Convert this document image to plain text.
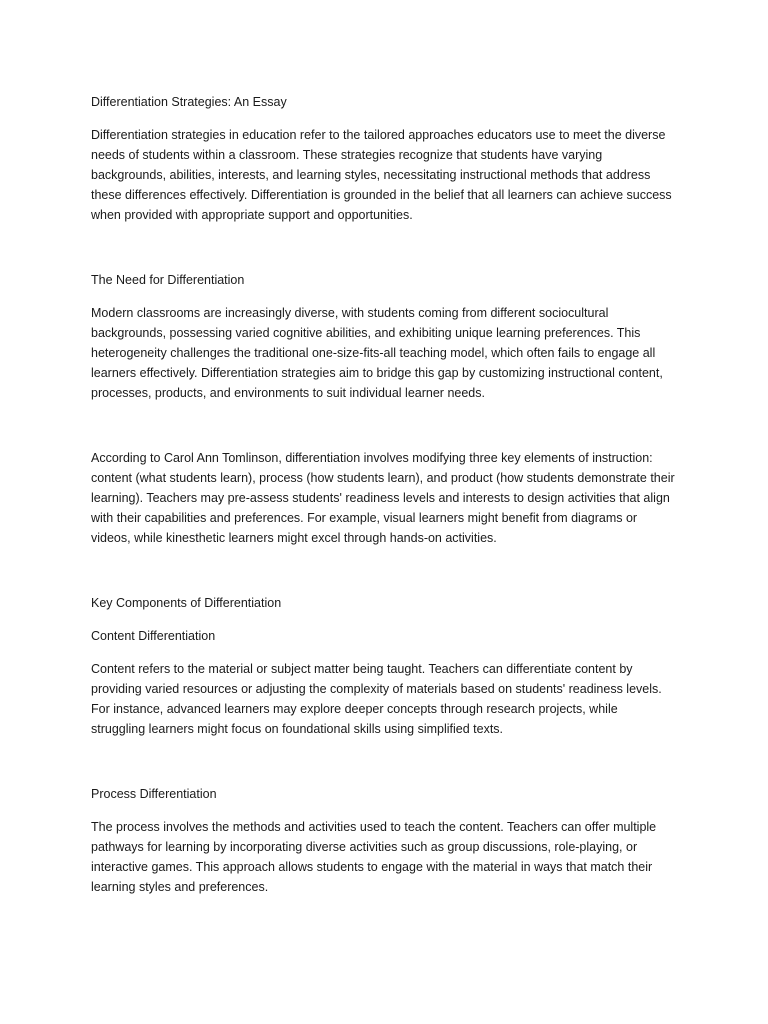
Differentiation Strategies: An Essay

Differentiation strategies in education refer to the tailored approaches educators use to meet the diverse needs of students within a classroom. These strategies recognize that students have varying backgrounds, abilities, interests, and learning styles, necessitating instructional methods that address these differences effectively. Differentiation is grounded in the belief that all learners can achieve success when provided with appropriate support and opportunities.

The Need for Differentiation

Modern classrooms are increasingly diverse, with students coming from different sociocultural backgrounds, possessing varied cognitive abilities, and exhibiting unique learning preferences. This heterogeneity challenges the traditional one-size-fits-all teaching model, which often fails to engage all learners effectively. Differentiation strategies aim to bridge this gap by customizing instructional content, processes, products, and environments to suit individual learner needs.

According to Carol Ann Tomlinson, differentiation involves modifying three key elements of instruction: content (what students learn), process (how students learn), and product (how students demonstrate their learning). Teachers may pre-assess students' readiness levels and interests to design activities that align with their capabilities and preferences. For example, visual learners might benefit from diagrams or videos, while kinesthetic learners might excel through hands-on activities.

Key Components of Differentiation

Content Differentiation

Content refers to the material or subject matter being taught. Teachers can differentiate content by providing varied resources or adjusting the complexity of materials based on students' readiness levels. For instance, advanced learners may explore deeper concepts through research projects, while struggling learners might focus on foundational skills using simplified texts.

Process Differentiation

The process involves the methods and activities used to teach the content. Teachers can offer multiple pathways for learning by incorporating diverse activities such as group discussions, role-playing, or interactive games. This approach allows students to engage with the material in ways that match their learning styles and preferences.
